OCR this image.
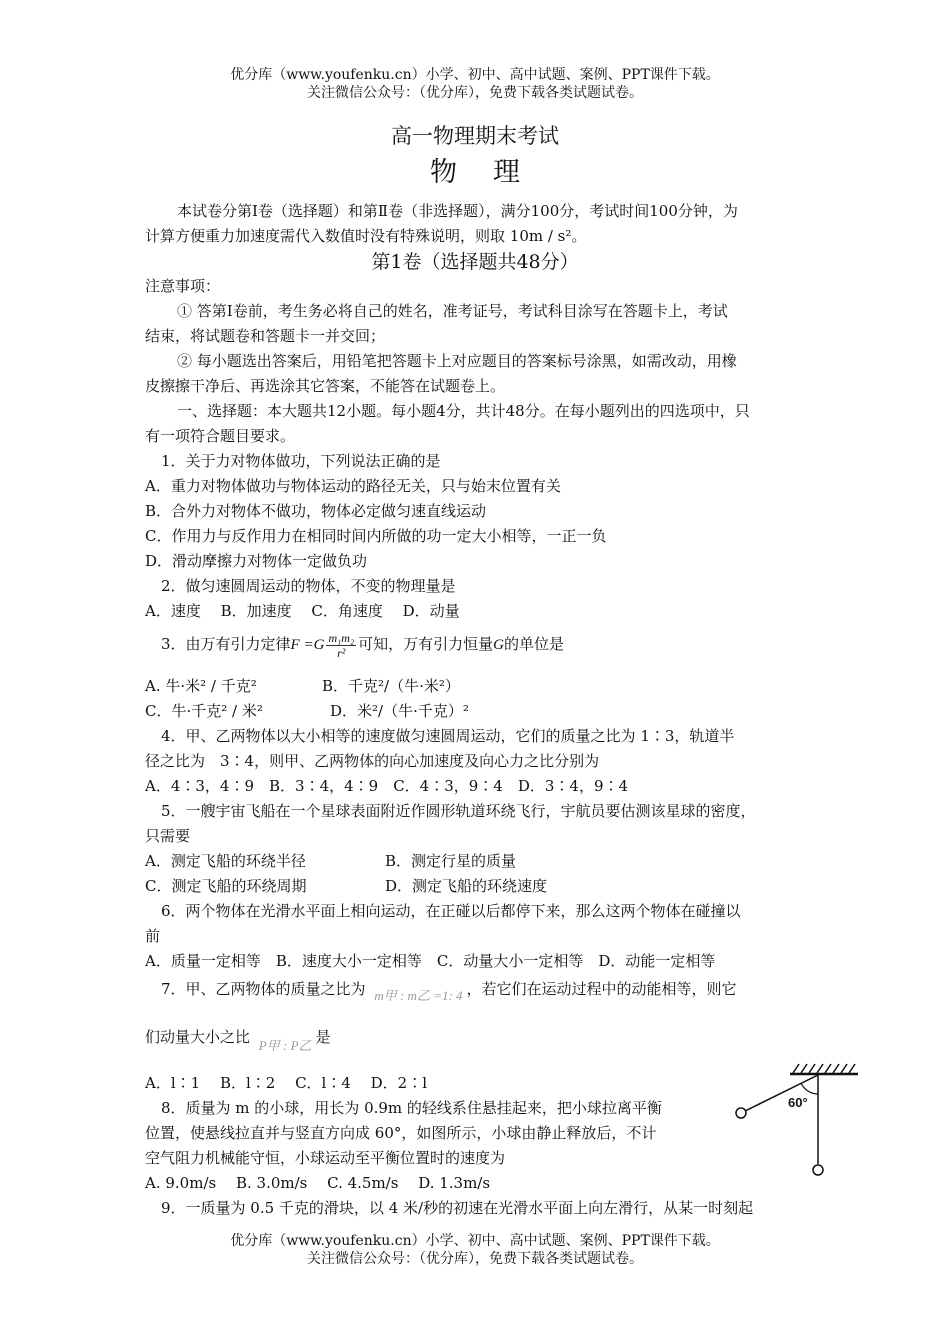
优分库（www.youfenku.cn）小学、初中、高中试题、案例、PPT课件下载。
关注微信公众号：（优分库），免费下载各类试题试卷。
高一物理期末考试
物理
本试卷分第Ⅰ卷（选择题）和第Ⅱ卷（非选择题），满分100分，考试时间100分钟，为
计算方便重力加速度需代入数值时没有特殊说明，则取 10m / s²。
第1卷（选择题共48分）
注意事项：
① 答第Ⅰ卷前，考生务必将自己的姓名，准考证号，考试科目涂写在答题卡上，考试
结束，将试题卷和答题卡一并交回；
② 每小题选出答案后，用铅笔把答题卡上对应题目的答案标号涂黑，如需改动，用橡
皮擦擦干净后、再选涂其它答案，不能答在试题卷上。
一、选择题：本大题共12小题。每小题4分，共计48分。在每小题列出的四选项中，只
有一项符合题目要求。
1．关于力对物体做功，下列说法正确的是
A．重力对物体做功与物体运动的路径无关，只与始末位置有关
B．合外力对物体不做功，物体必定做匀速直线运动
C．作用力与反作用力在相同时间内所做的功一定大小相等，一正一负
D．滑动摩擦力对物体一定做负功
2．做匀速圆周运动的物体，不变的物理量是
A．速度　 B．加速度　 C．角速度　 D．动量
3．由万有引力定律$F =G \frac{\text{m₁m₂}}{\text{r²}}$ 可知，万有引力恒量G的单位是
A. 牛·米² / 千克²	B．千克²/（牛·米²）
C．牛·千克² / 米²	D．米²/（牛·千克）²
4．甲、乙两物体以大小相等的速度做匀速圆周运动，它们的质量之比为 1∶3，轨道半
径之比为　3∶4，则甲、乙两物体的向心加速度及向心力之比分别为
A．4∶3，4∶9　B．3∶4，4∶9　C．4∶3，9∶4　D．3∶4，9∶4
5．一艘宇宙飞船在一个星球表面附近作圆形轨道环绕飞行，宇航员要估测该星球的密度，
只需要
A．测定飞船的环绕半径	B．测定行星的质量
C．测定飞船的环绕周期	D．测定飞船的环绕速度
6．两个物体在光滑水平面上相向运动，在正碰以后都停下来，那么这两个物体在碰撞以
前
A．质量一定相等　B．速度大小一定相等　C．动量大小一定相等　D．动能一定相等
7．甲、乙两物体的质量之比为 m甲 : m乙 =1: 4 ，若它们在运动过程中的动能相等，则它
们动量大小之比 P甲 : P乙 是
A．l∶1　 B．l∶2　 C．l∶4　 D．2∶l
8．质量为 m 的小球，用长为 0.9m 的轻线系住悬挂起来，把小球拉离平衡
位置，使悬线拉直并与竖直方向成 60°，如图所示，小球由静止释放后，不计
空气阻力机械能守恒，小球运动至平衡位置时的速度为
A. 9.0m/s　 B. 3.0m/s　 C. 4.5m/s　 D. 1.3m/s
60°
9．一质量为 0.5 千克的滑块，以 4 米/秒的初速在光滑水平面上向左滑行，从某一时刻起
优分库（www.youfenku.cn）小学、初中、高中试题、案例、PPT课件下载。
关注微信公众号：（优分库），免费下载各类试题试卷。
